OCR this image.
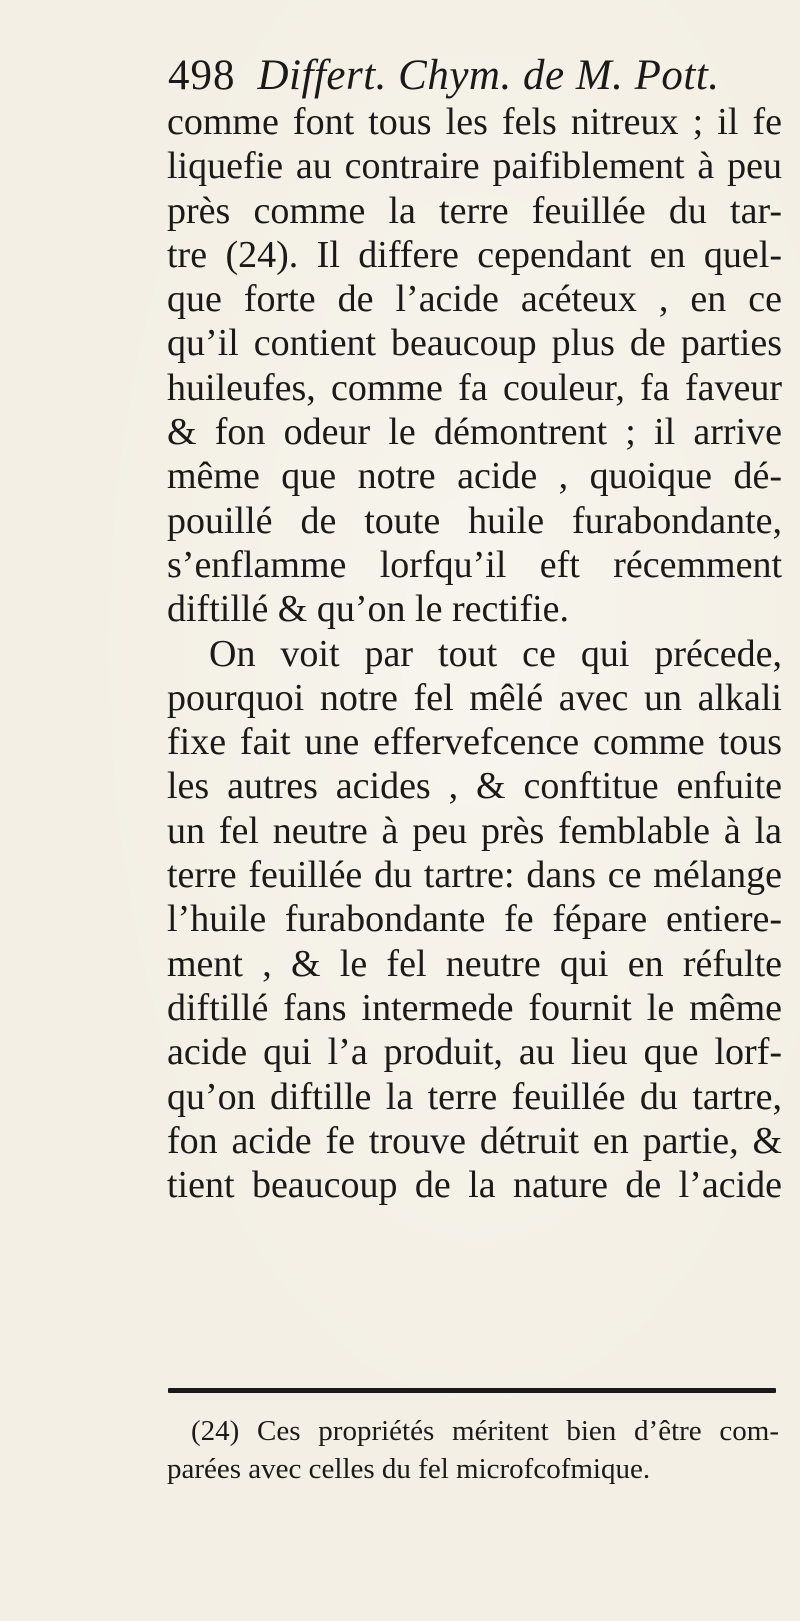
498 Differt. Chym. de M. Pott.
comme font tous les fels nitreux ; il fe
liquefie au contraire paifiblement à peu
près comme la terre feuillée du tar-
tre (24). Il differe cependant en quel-
que forte de l’acide acéteux , en ce
qu’il contient beaucoup plus de parties
huileufes, comme fa couleur, fa faveur
& fon odeur le démontrent ; il arrive
même que notre acide , quoique dé-
pouillé de toute huile furabondante,
s’enflamme lorfqu’il eft récemment
diftillé & qu’on le rectifie.
On voit par tout ce qui précede,
pourquoi notre fel mêlé avec un alkali
fixe fait une effervefcence comme tous
les autres acides , & conftitue enfuite
un fel neutre à peu près femblable à la
terre feuillée du tartre: dans ce mélange
l’huile furabondante fe fépare entiere-
ment , & le fel neutre qui en réfulte
diftillé fans intermede fournit le même
acide qui l’a produit, au lieu que lorf-
qu’on diftille la terre feuillée du tartre,
fon acide fe trouve détruit en partie, &
tient beaucoup de la nature de l’acide
(24) Ces propriétés méritent bien d’être com-
parées avec celles du fel microfcofmique.
